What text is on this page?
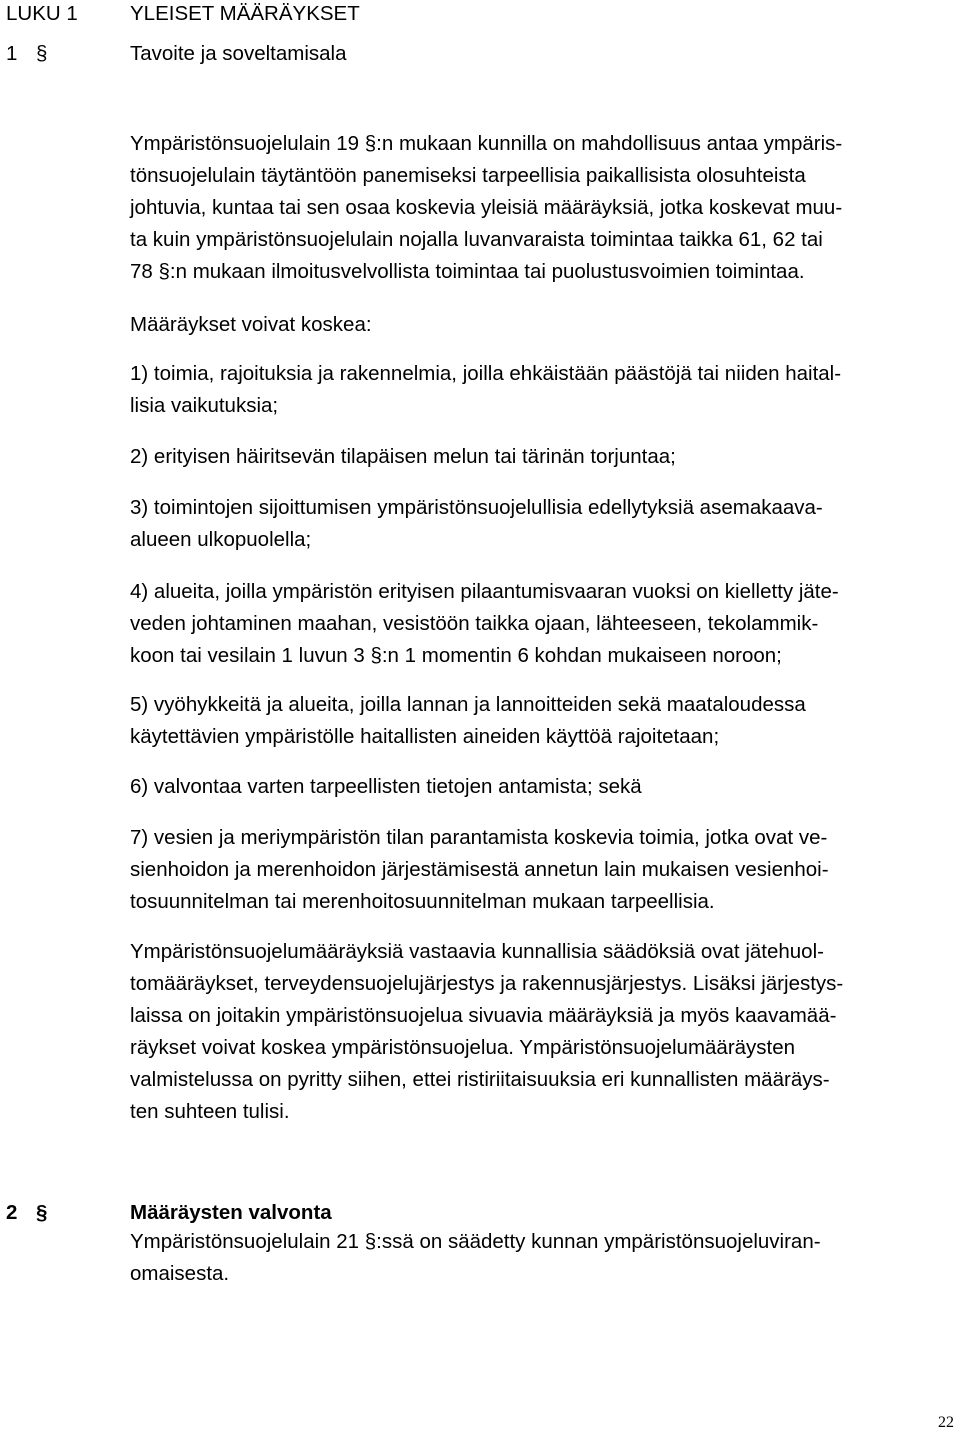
LUKU 1	YLEISET MÄÄRÄYKSET
1 §	Tavoite ja soveltamisala
Ympäristönsuojelulain 19 §:n mukaan kunnilla on mahdollisuus antaa ympäris-
tönsuojelulain täytäntöön panemiseksi tarpeellisia paikallisista olosuhteista
johtuvia, kuntaa tai sen osaa koskevia yleisiä määräyksiä, jotka koskevat muu-
ta kuin ympäristönsuojelulain nojalla luvanvaraista toimintaa taikka 61, 62 tai
78 §:n mukaan ilmoitusvelvollista toimintaa tai puolustusvoimien toimintaa.
Määräykset voivat koskea:
1) toimia, rajoituksia ja rakennelmia, joilla ehkäistään päästöjä tai niiden haital-
lisia vaikutuksia;
2) erityisen häiritsevän tilapäisen melun tai tärinän torjuntaa;
3) toimintojen sijoittumisen ympäristönsuojelullisia edellytyksiä asemakaava-
alueen ulkopuolella;
4) alueita, joilla ympäristön erityisen pilaantumisvaaran vuoksi on kielletty jäte-
veden johtaminen maahan, vesistöön taikka ojaan, lähteeseen, tekolammik-
koon tai vesilain 1 luvun 3 §:n 1 momentin 6 kohdan mukaiseen noroon;
5) vyöhykkeitä ja alueita, joilla lannan ja lannoitteiden sekä maataloudessa
käytettävien ympäristölle haitallisten aineiden käyttöä rajoitetaan;
6) valvontaa varten tarpeellisten tietojen antamista; sekä
7) vesien ja meriympäristön tilan parantamista koskevia toimia, jotka ovat ve-
sienhoidon ja merenhoidon järjestämisestä annetun lain mukaisen vesienhoi-
tosuunnitelman tai merenhoitosuunnitelman mukaan tarpeellisia.
Ympäristönsuojelumääräyksiä vastaavia kunnallisia säädöksiä ovat jätehuol-
tomääräykset, terveydensuojelujärjestys ja rakennusjärjestys. Lisäksi järjestys-
laissa on joitakin ympäristönsuojelua sivuavia määräyksiä ja myös kaavamää-
räykset voivat koskea ympäristönsuojelua. Ympäristönsuojelumääräysten
valmistelussa on pyritty siihen, ettei ristiriitaisuuksia eri kunnallisten määräys-
ten suhteen tulisi.
2 §	Määräysten valvonta
Ympäristönsuojelulain 21 §:ssä on säädetty kunnan ympäristönsuojeluviran-
omaisesta.
22
